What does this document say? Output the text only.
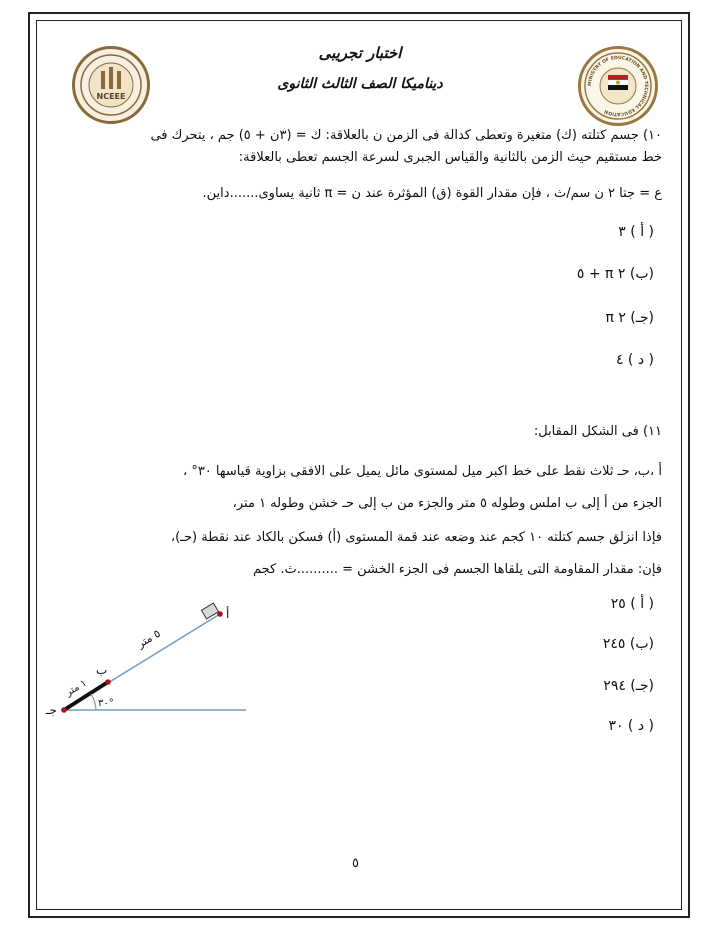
NCEEE
MINISTRY OF EDUCATION AND TECHNICAL EDUCATION
اختبار تجريبى
ديناميكا الصف الثالث الثانوى
١٠) جسم كتلته (ك) متغيرة وتعطى كدالة فى الزمن ن بالعلاقة: ك = (٣ن + ٥) جم ، يتحرك فى
خط مستقيم حيث الزمن بالثانية والقياس الجبرى لسرعة الجسم تعطى بالعلاقة:
ع = جتا ٢ ن سم/ث ، فإن مقدار القوة (ق) المؤثرة عند ن = π ثانية يساوى.......داين.
( أ ) ٣
(ب) ٢ π + ٥
(جـ) ٢ π
( د ) ٤
١١) فى الشكل المقابل:
أ ،ب، حـ ثلاث نقط على خط اكبر ميل لمستوى مائل يميل على الافقى بزاوية قياسها ٣٠° ،
الجزء من أ إلى ب املس وطوله ٥ متر والجزء من ب إلى حـ خشن وطوله ١ متر،
فإذا انزلق جسم كتلته ١٠ كجم عند وضعه عند قمة المستوى (أ) فسكن بالكاد عند نقطة (حـ)،
فإن: مقدار المقاومة التى يلقاها الجسم فى الجزء الخشن = ..........ث. كجم
( أ ) ٢٥
(ب) ٢٤٥
(جـ) ٢٩٤
( د ) ٣٠
أ
ب
جـ
٥ متر
١ متر
٣٠°
٥
